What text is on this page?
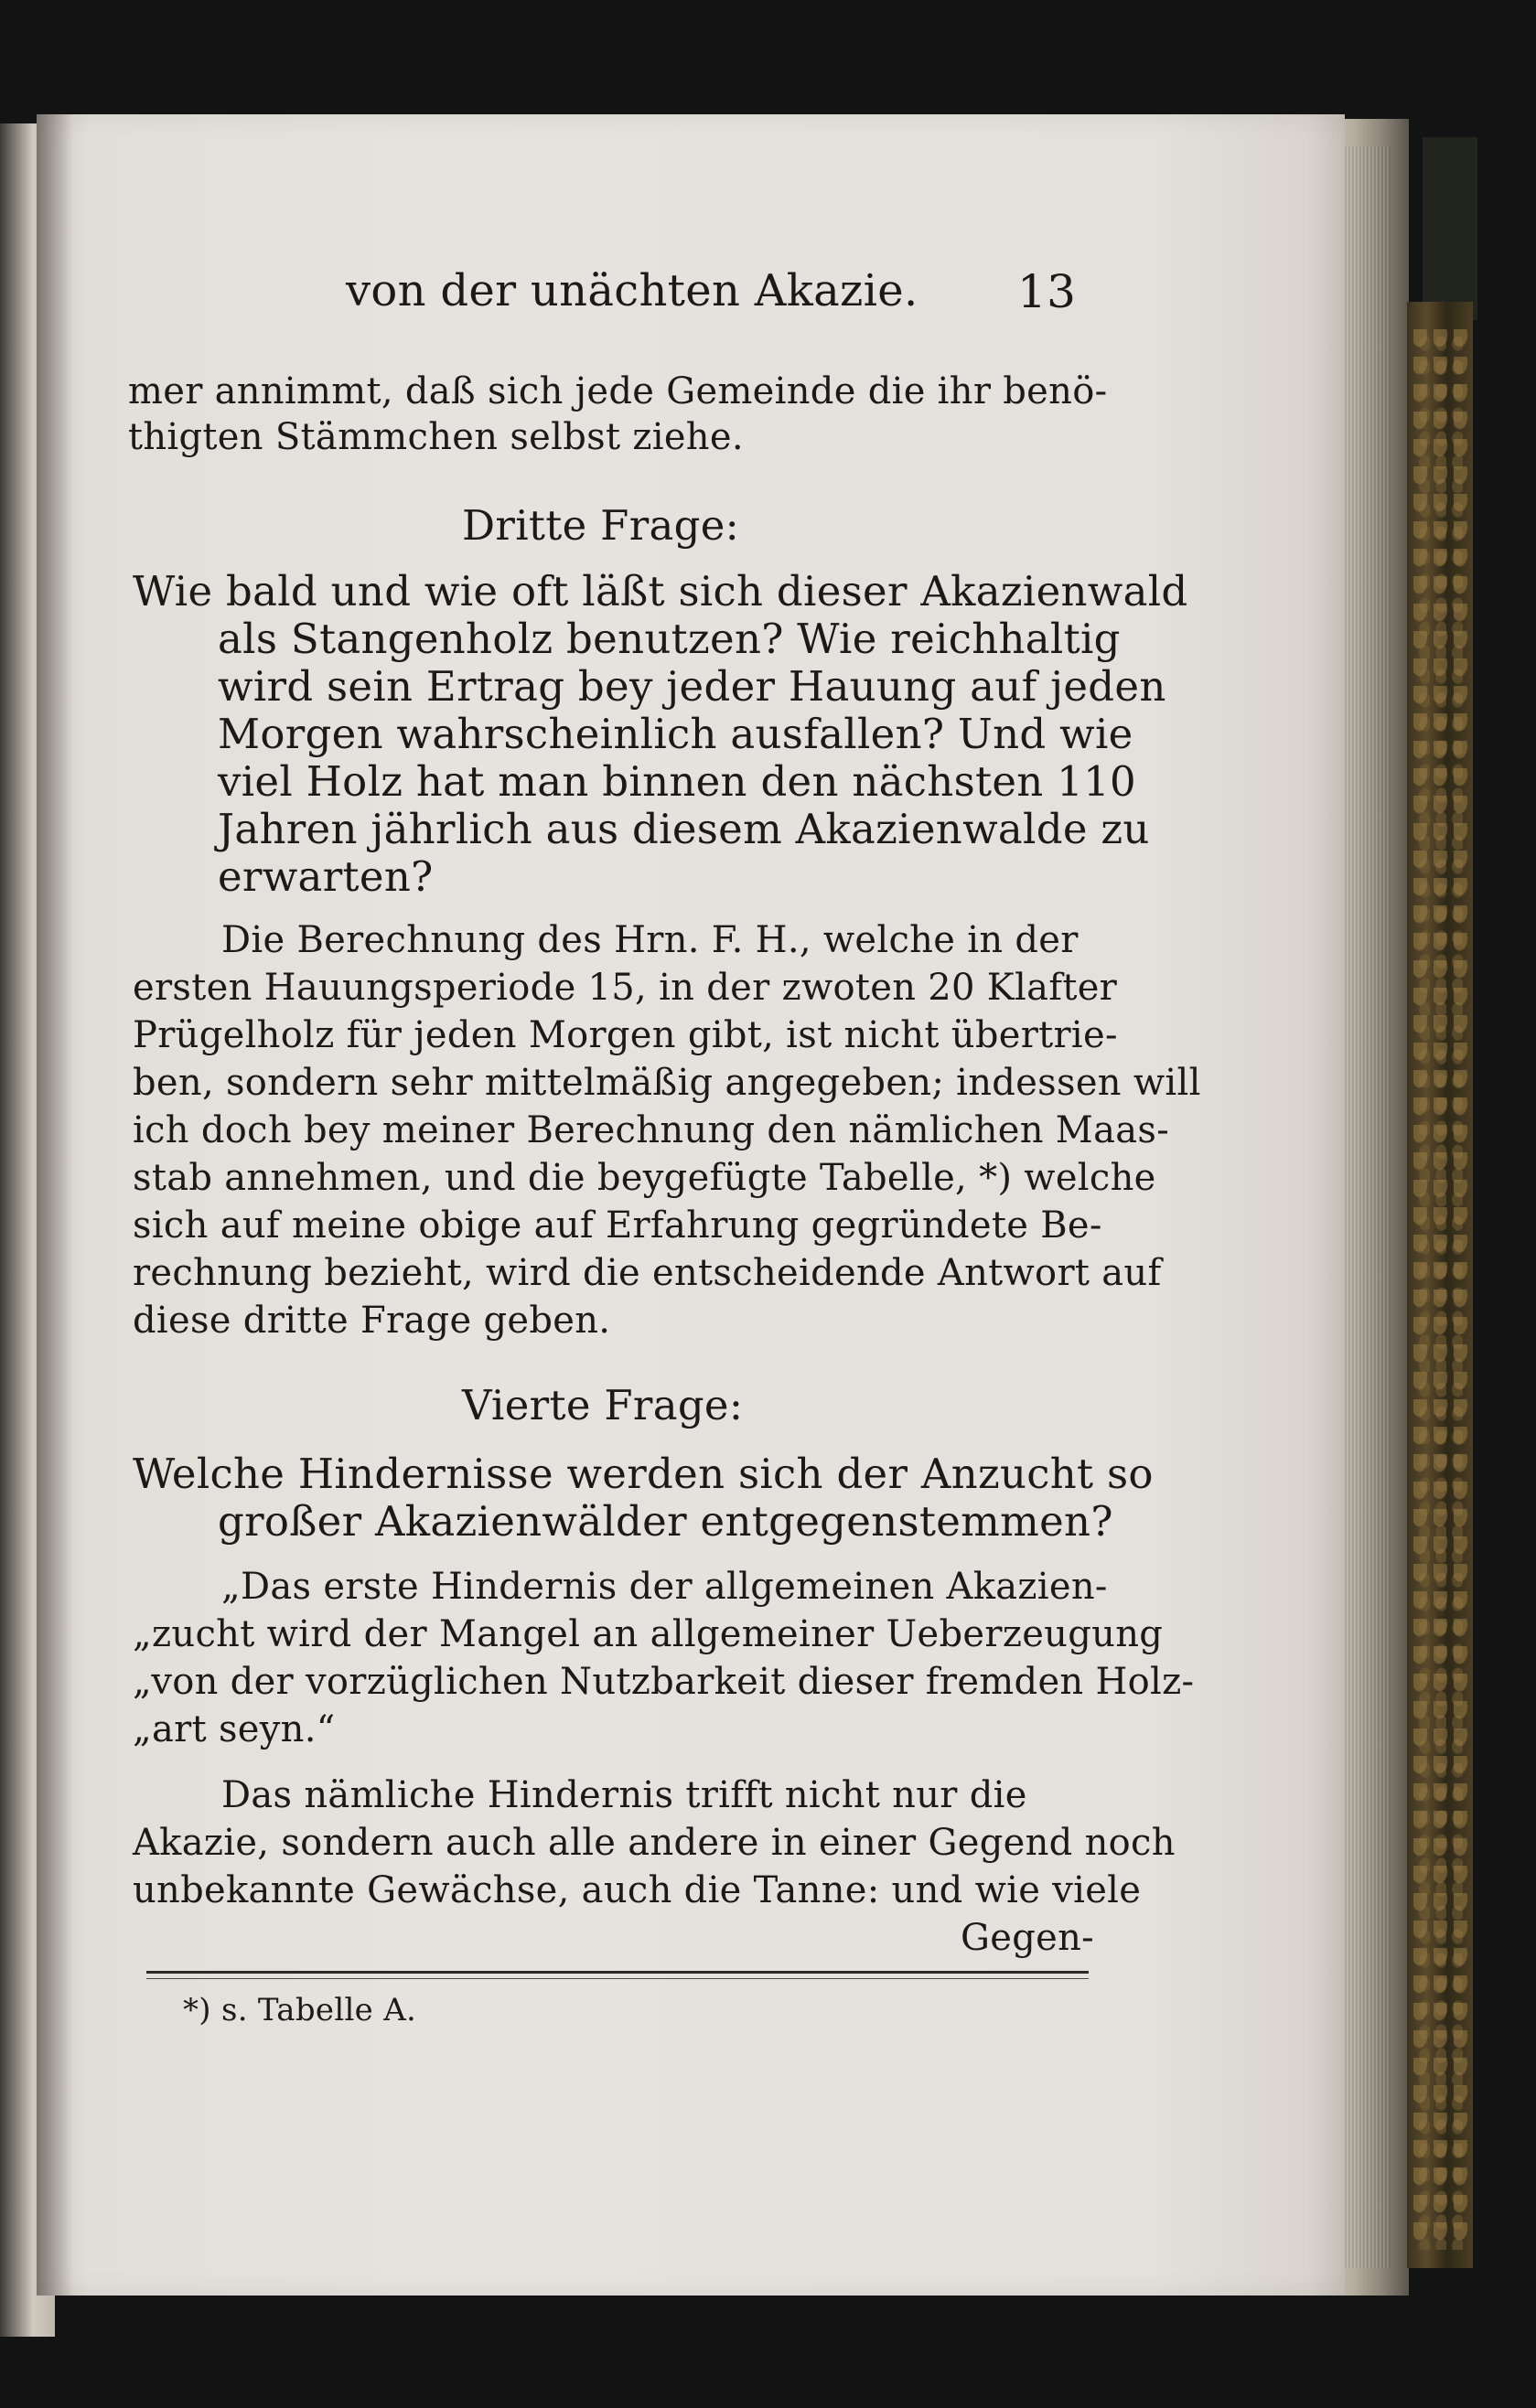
von der unächten Akazie. 13
mer annimmt, daß sich jede Gemeinde die ihr benö-
thigten Stämmchen selbst ziehe.
Dritte Frage:
Wie bald und wie oft läßt sich dieser Akazienwald
als Stangenholz benutzen? Wie reichhaltig
wird sein Ertrag bey jeder Hauung auf jeden
Morgen wahrscheinlich ausfallen? Und wie
viel Holz hat man binnen den nächsten 110
Jahren jährlich aus diesem Akazienwalde zu
erwarten?
Die Berechnung des Hrn. F. H., welche in der
ersten Hauungsperiode 15, in der zwoten 20 Klafter
Prügelholz für jeden Morgen gibt, ist nicht übertrie-
ben, sondern sehr mittelmäßig angegeben; indessen will
ich doch bey meiner Berechnung den nämlichen Maas-
stab annehmen, und die beygefügte Tabelle, *) welche
sich auf meine obige auf Erfahrung gegründete Be-
rechnung bezieht, wird die entscheidende Antwort auf
diese dritte Frage geben.
Vierte Frage:
Welche Hindernisse werden sich der Anzucht so
großer Akazienwälder entgegenstemmen?
„Das erste Hindernis der allgemeinen Akazien-
„zucht wird der Mangel an allgemeiner Ueberzeugung
„von der vorzüglichen Nutzbarkeit dieser fremden Holz-
„art seyn.“
Das nämliche Hindernis trifft nicht nur die
Akazie, sondern auch alle andere in einer Gegend noch
unbekannte Gewächse, auch die Tanne: und wie viele
Gegen-
*) s. Tabelle A.
